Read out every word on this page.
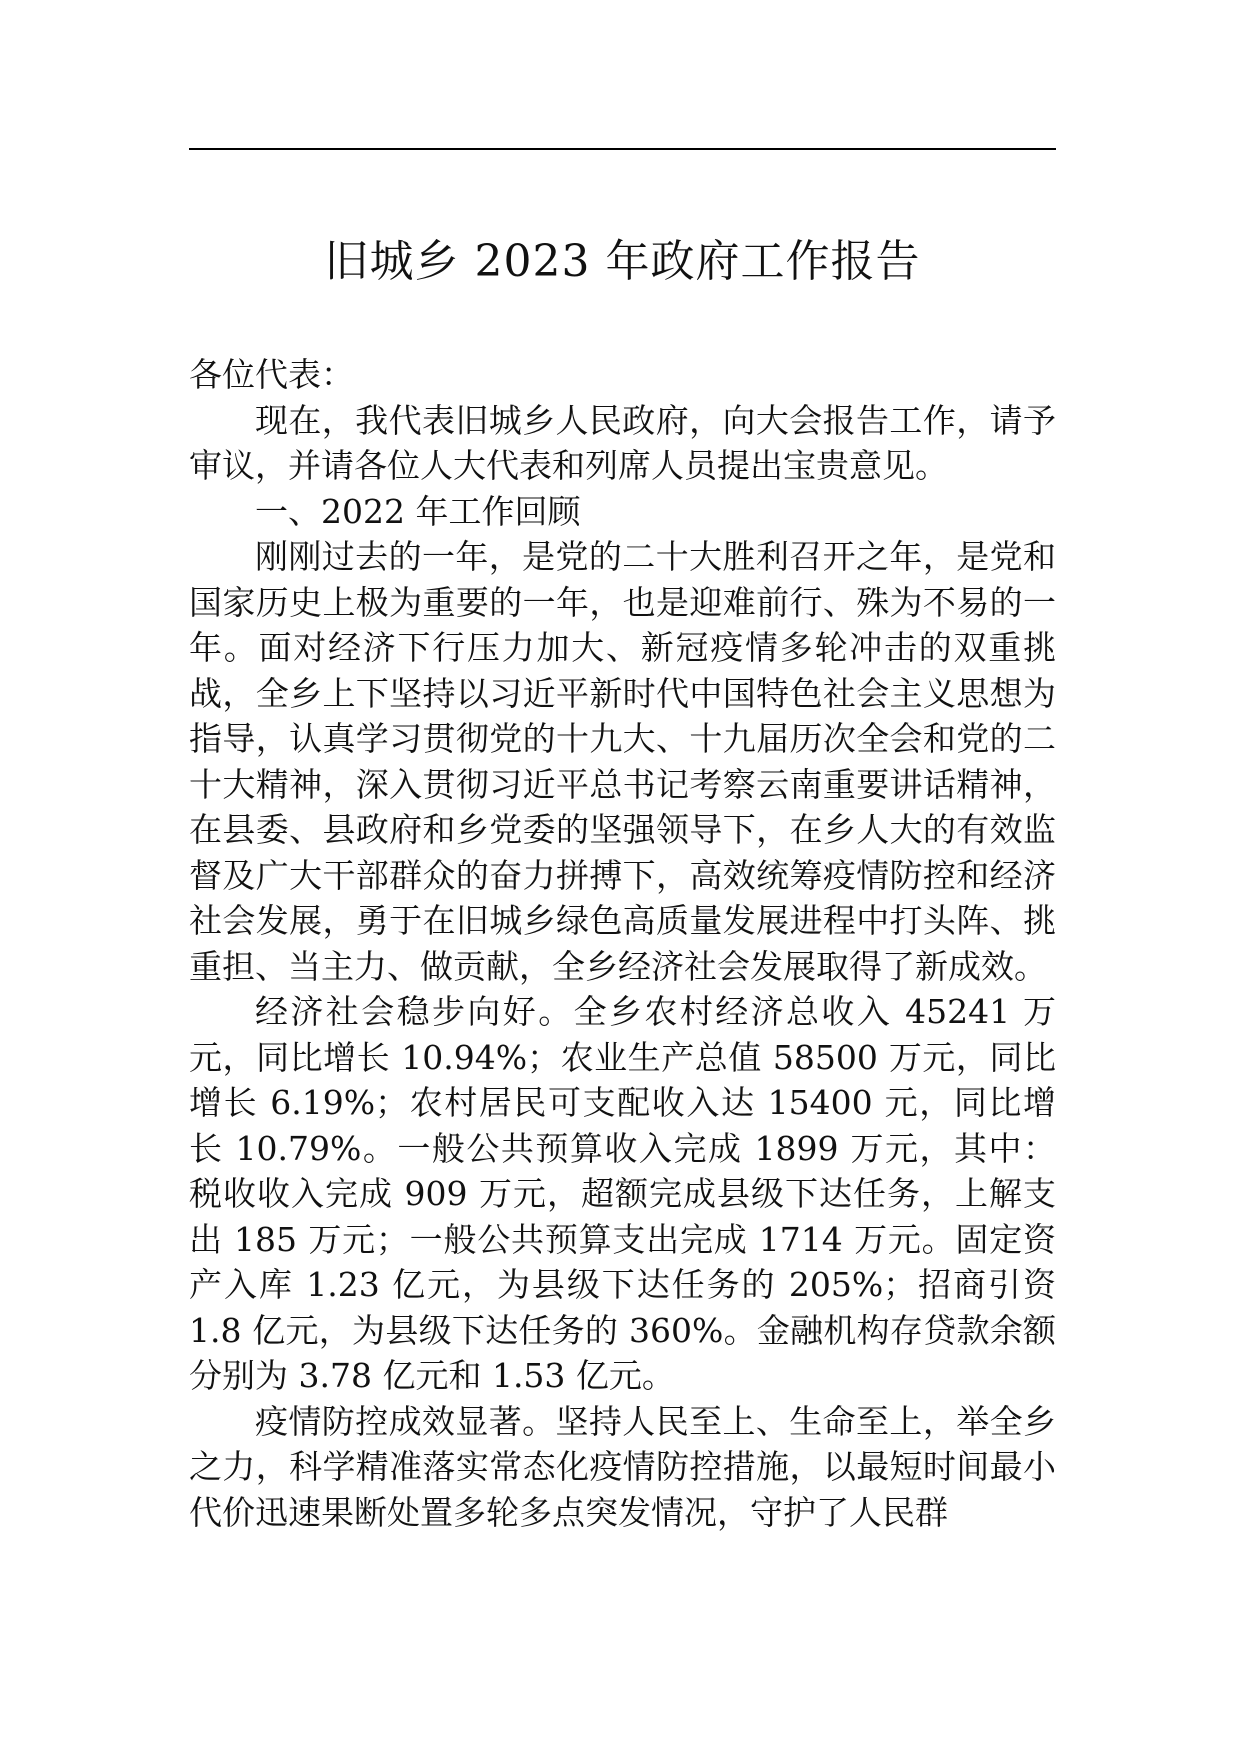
旧城乡 2023 年政府工作报告

各位代表：

现在，我代表旧城乡人民政府，向大会报告工作，请予审议，并请各位人大代表和列席人员提出宝贵意见。

一、2022 年工作回顾

刚刚过去的一年，是党的二十大胜利召开之年，是党和国家历史上极为重要的一年，也是迎难前行、殊为不易的一年。面对经济下行压力加大、新冠疫情多轮冲击的双重挑战，全乡上下坚持以习近平新时代中国特色社会主义思想为指导，认真学习贯彻党的十九大、十九届历次全会和党的二十大精神，深入贯彻习近平总书记考察云南重要讲话精神，在县委、县政府和乡党委的坚强领导下，在乡人大的有效监督及广大干部群众的奋力拼搏下，高效统筹疫情防控和经济社会发展，勇于在旧城乡绿色高质量发展进程中打头阵、挑重担、当主力、做贡献，全乡经济社会发展取得了新成效。

经济社会稳步向好。全乡农村经济总收入 45241 万元，同比增长 10.94%；农业生产总值 58500 万元，同比增长 6.19%；农村居民可支配收入达 15400 元，同比增长 10.79%。一般公共预算收入完成 1899 万元，其中：税收收入完成 909 万元，超额完成县级下达任务，上解支出 185 万元；一般公共预算支出完成 1714 万元。固定资产入库 1.23 亿元，为县级下达任务的 205%；招商引资 1.8 亿元，为县级下达任务的 360%。金融机构存贷款余额分别为 3.78 亿元和 1.53 亿元。

疫情防控成效显著。坚持人民至上、生命至上，举全乡之力，科学精准落实常态化疫情防控措施，以最短时间最小代价迅速果断处置多轮多点突发情况，守护了人民群
